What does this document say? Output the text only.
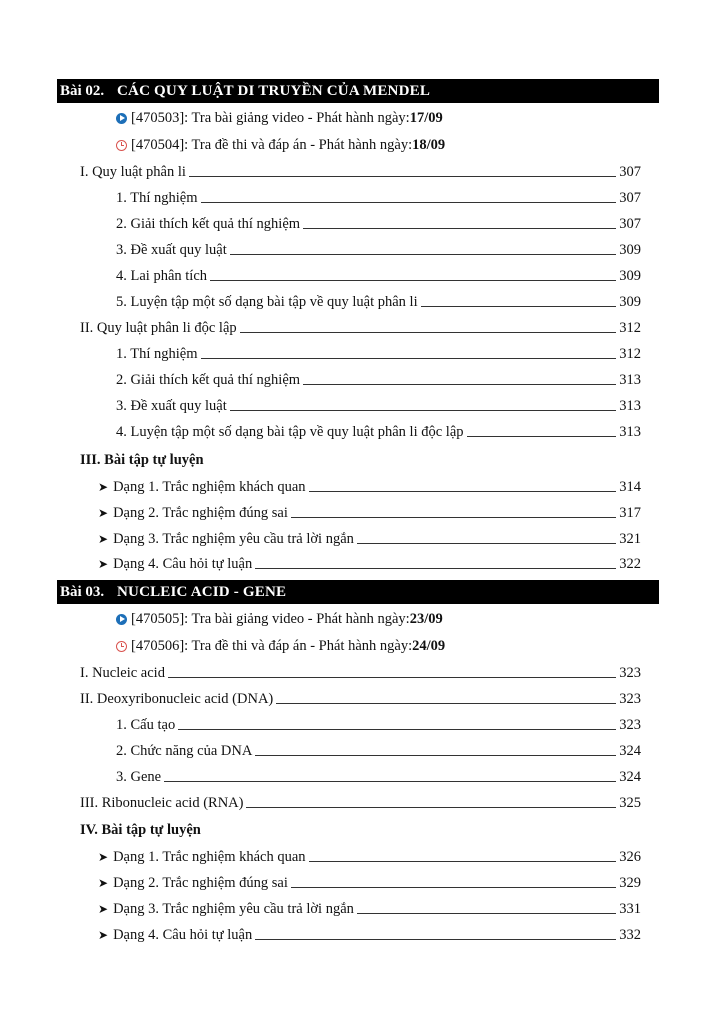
Bài 02. CÁC QUY LUẬT DI TRUYỀN CỦA MENDEL
[470503]: Tra bài giảng video - Phát hành ngày: 17/09
[470504]: Tra đề thi và đáp án - Phát hành ngày: 18/09
I. Quy luật phân li	307
1. Thí nghiệm	307
2. Giải thích kết quả thí nghiệm	307
3. Đề xuất quy luật	309
4. Lai phân tích	309
5. Luyện tập một số dạng bài tập về quy luật phân li	309
II. Quy luật phân li độc lập	312
1. Thí nghiệm	312
2. Giải thích kết quả thí nghiệm	313
3. Đề xuất quy luật	313
4. Luyện tập một số dạng bài tập về quy luật phân li độc lập	313
III. Bài tập tự luyện
➤ Dạng 1. Trắc nghiệm khách quan	314
➤ Dạng 2. Trắc nghiệm đúng sai	317
➤ Dạng 3. Trắc nghiệm yêu cầu trả lời ngắn	321
➤ Dạng 4. Câu hỏi tự luận	322
Bài 03. NUCLEIC ACID - GENE
[470505]: Tra bài giảng video - Phát hành ngày: 23/09
[470506]: Tra đề thi và đáp án - Phát hành ngày: 24/09
I. Nucleic acid	323
II. Deoxyribonucleic acid (DNA)	323
1. Cấu tạo	323
2. Chức năng của DNA	324
3. Gene	324
III. Ribonucleic acid (RNA)	325
IV. Bài tập tự luyện
➤ Dạng 1. Trắc nghiệm khách quan	326
➤ Dạng 2. Trắc nghiệm đúng sai	329
➤ Dạng 3. Trắc nghiệm yêu cầu trả lời ngắn	331
➤ Dạng 4. Câu hỏi tự luận	332
